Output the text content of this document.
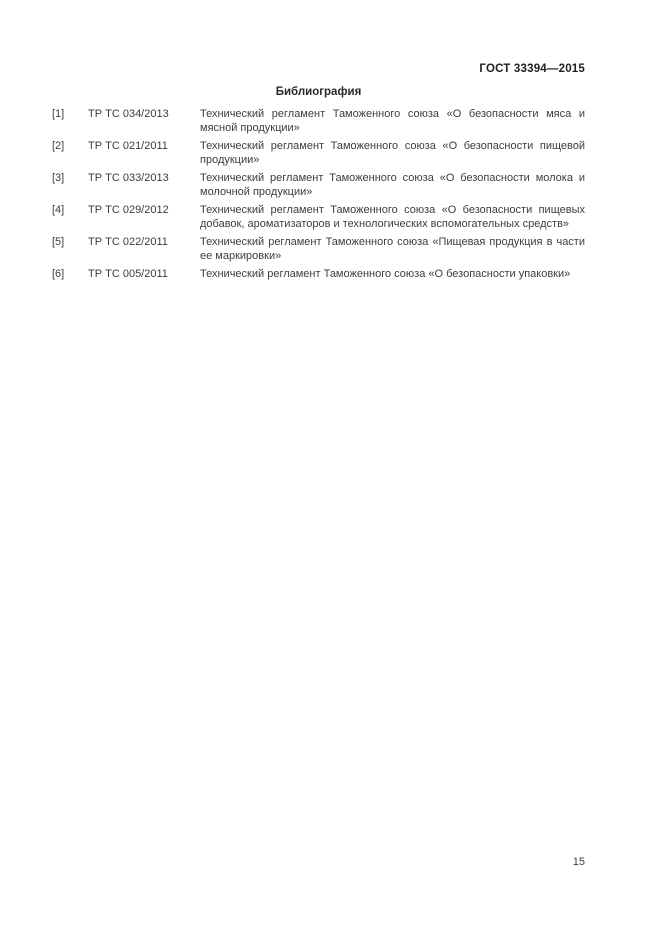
ГОСТ 33394—2015
Библиография
[1]	ТР ТС 034/2013	Технический регламент Таможенного союза «О безопасности мяса и мясной продукции»
[2]	ТР ТС 021/2011	Технический регламент Таможенного союза «О безопасности пищевой продукции»
[3]	ТР ТС 033/2013	Технический регламент Таможенного союза «О безопасности молока и молочной продукции»
[4]	ТР ТС 029/2012	Технический регламент Таможенного союза «О безопасности пищевых добавок, ароматизаторов и технологических вспомогательных средств»
[5]	ТР ТС 022/2011	Технический регламент Таможенного союза «Пищевая продукция в части ее маркировки»
[6]	ТР ТС 005/2011	Технический регламент Таможенного союза «О безопасности упаковки»
15
